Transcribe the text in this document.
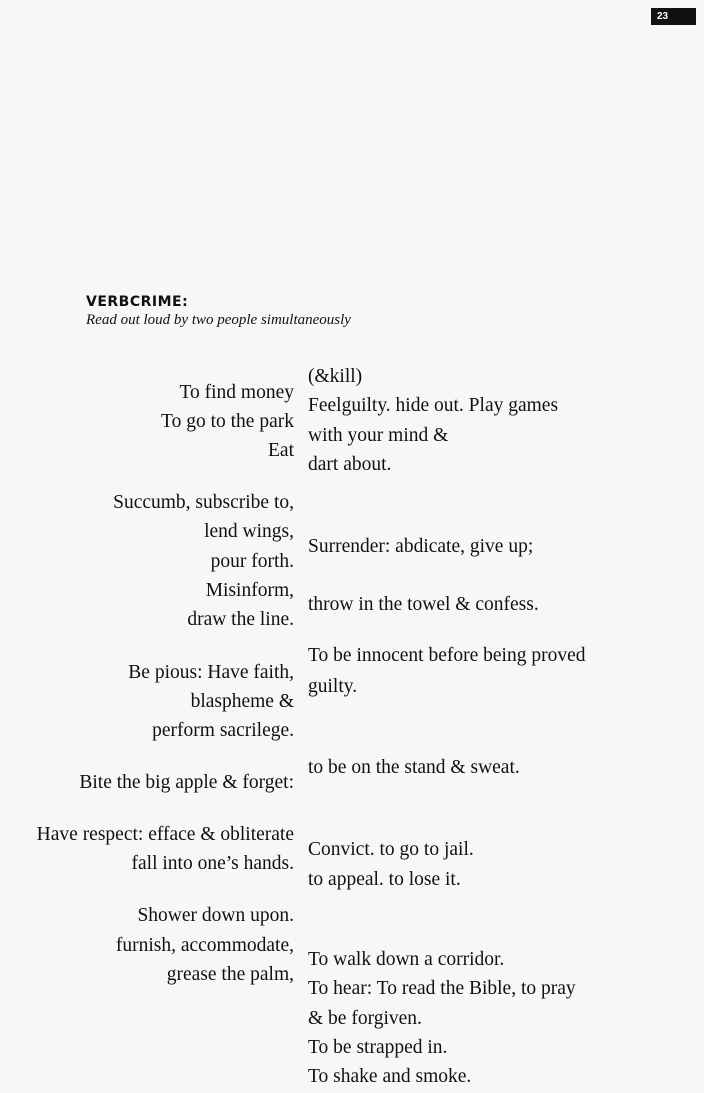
23
VERBCRIME:
Read out loud by two people simultaneously
To find money
To go to the park
Eat
Succumb, subscribe to,
lend wings,
pour forth.
Misinform,
draw the line.
Be pious: Have faith,
blaspheme &
perform sacrilege.
Bite the big apple & forget:
Have respect: efface & obliterate
fall into one’s hands.
Shower down upon.
furnish, accommodate,
grease the palm,
(&kill)
Feelguilty. hide out. Play games
with your mind &
dart about.
Surrender: abdicate, give up;
throw in the towel & confess.
To be innocent before being proved
guilty.
to be on the stand & sweat.
Convict. to go to jail.
to appeal. to lose it.
To walk down a corridor.
To hear: To read the Bible, to pray
& be forgiven.
To be strapped in.
To shake and smoke.
